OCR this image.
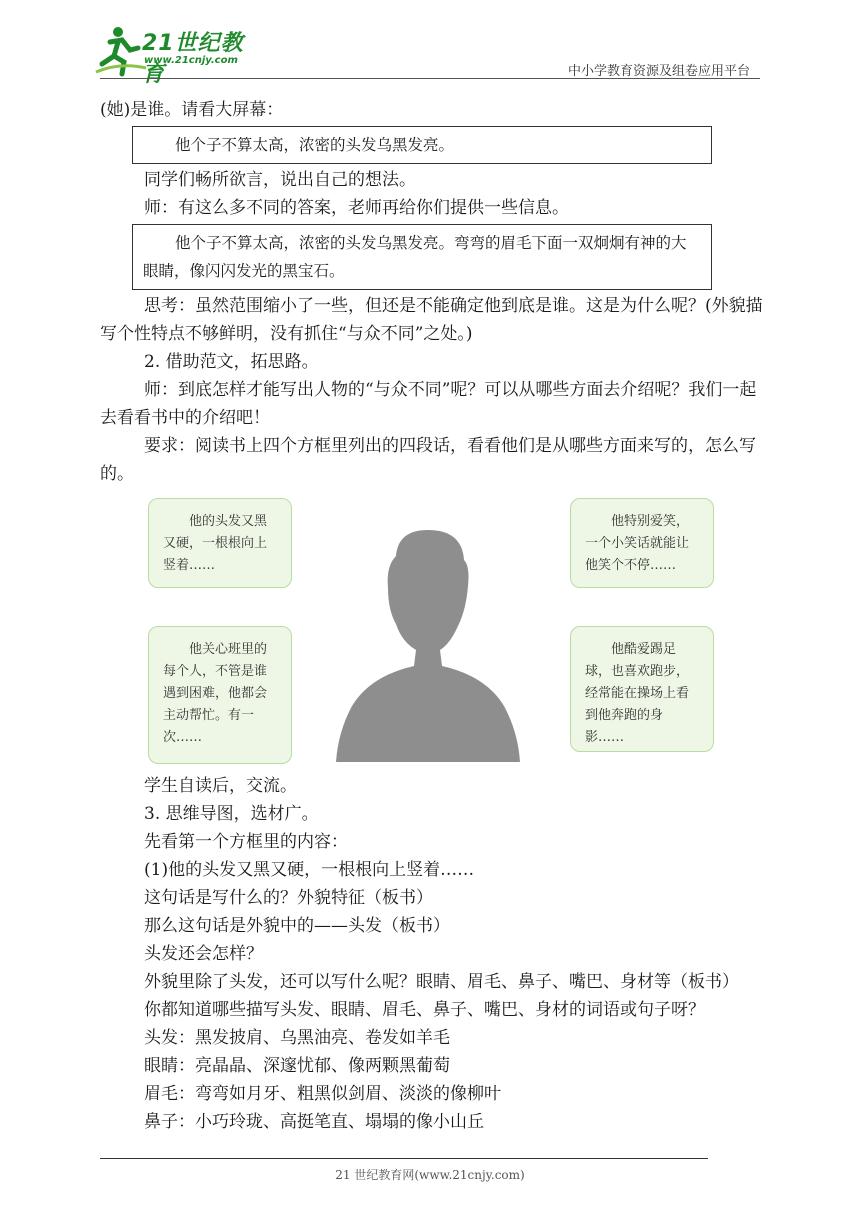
21世纪教育
www.21cnjy.com
中小学教育资源及组卷应用平台

(她)是谁。请看大屏幕：

他个子不算太高，浓密的头发乌黑发亮。

同学们畅所欲言，说出自己的想法。

师：有这么多不同的答案，老师再给你们提供一些信息。

他个子不算太高，浓密的头发乌黑发亮。弯弯的眉毛下面一双炯炯有神的大眼睛，像闪闪发光的黑宝石。

思考：虽然范围缩小了一些，但还是不能确定他到底是谁。这是为什么呢？(外貌描写个性特点不够鲜明，没有抓住“与众不同”之处。)

2. 借助范文，拓思路。

师：到底怎样才能写出人物的“与众不同”呢？可以从哪些方面去介绍呢？我们一起去看看书中的介绍吧！

要求：阅读书上四个方框里列出的四段话，看看他们是从哪些方面来写的，怎么写的。

他的头发又黑又硬，一根根向上竖着……
他特别爱笑，一个小笑话就能让他笑个不停……
他关心班里的每个人，不管是谁遇到困难，他都会主动帮忙。有一次……
他酷爱踢足球，也喜欢跑步，经常能在操场上看到他奔跑的身影……

学生自读后，交流。

3. 思维导图，选材广。

先看第一个方框里的内容：

(1)他的头发又黑又硬，一根根向上竖着……

这句话是写什么的？外貌特征（板书）

那么这句话是外貌中的——头发（板书）

头发还会怎样？

外貌里除了头发，还可以写什么呢？眼睛、眉毛、鼻子、嘴巴、身材等（板书）

你都知道哪些描写头发、眼睛、眉毛、鼻子、嘴巴、身材的词语或句子呀？

头发：黑发披肩、乌黑油亮、卷发如羊毛

眼睛：亮晶晶、深邃忧郁、像两颗黑葡萄

眉毛：弯弯如月牙、粗黑似剑眉、淡淡的像柳叶

鼻子：小巧玲珑、高挺笔直、塌塌的像小山丘

21 世纪教育网(www.21cnjy.com)
